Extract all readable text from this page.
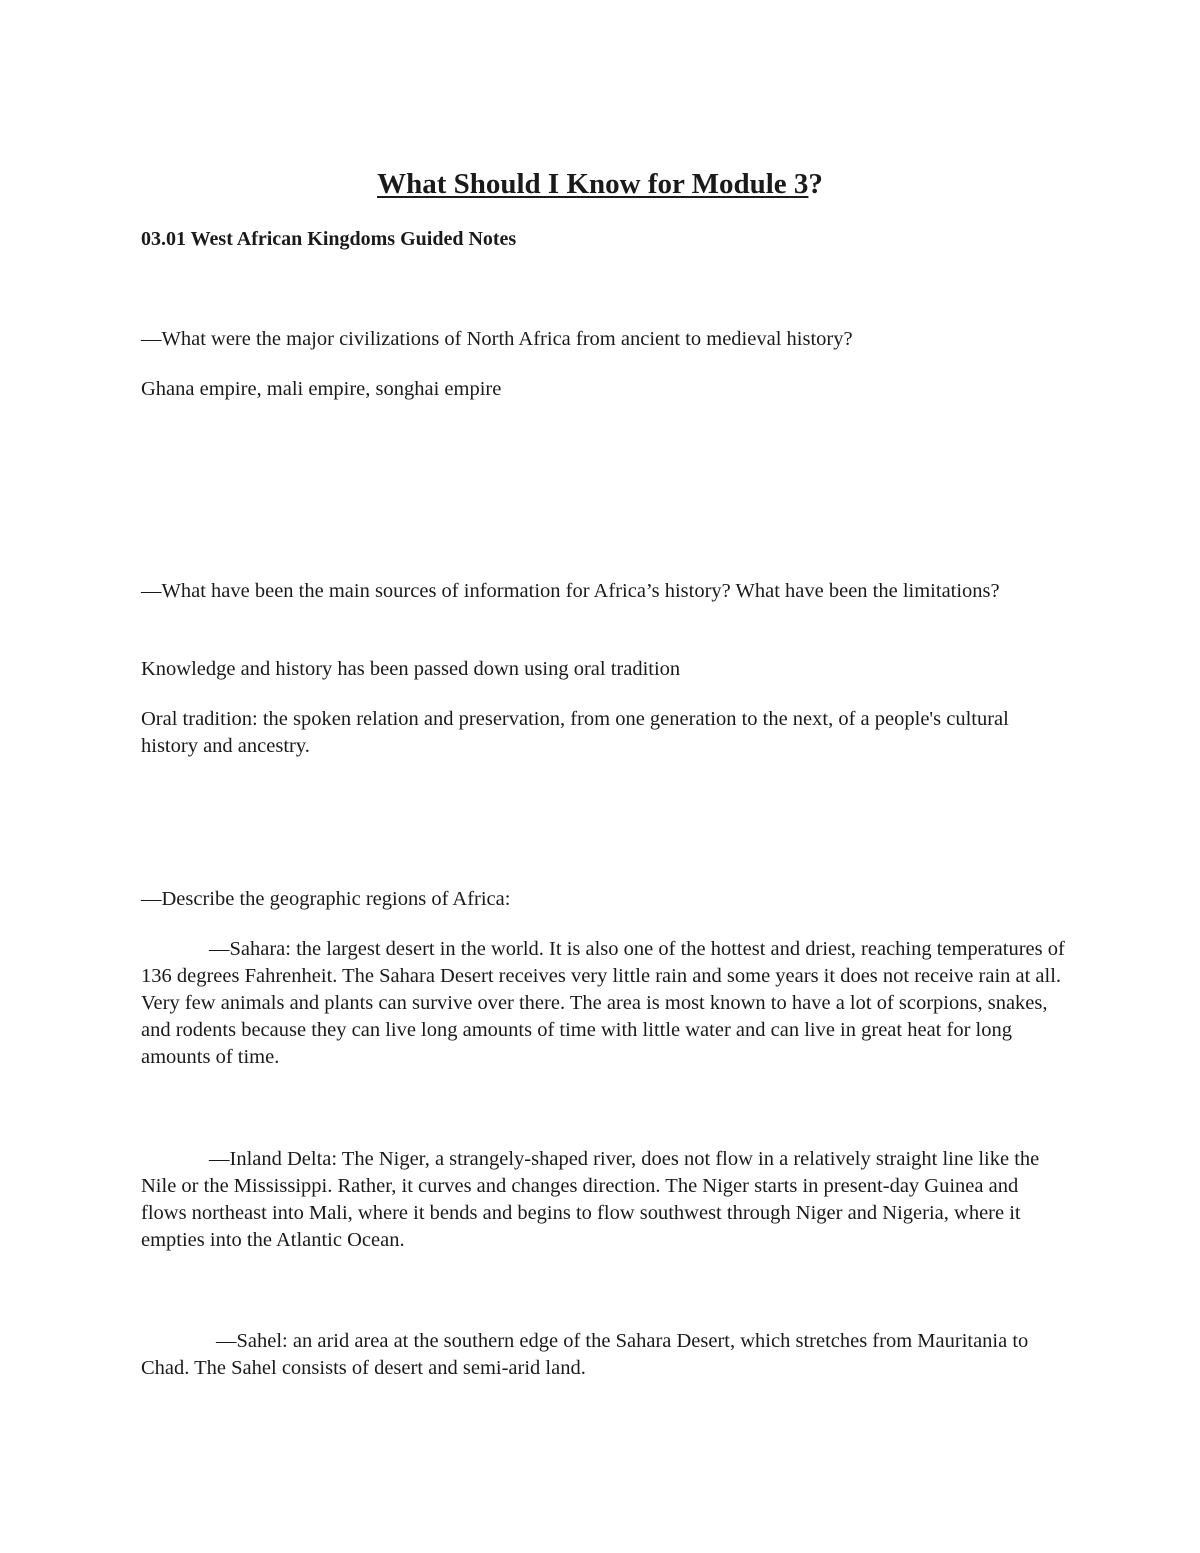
What Should I Know for Module 3?

03.01 West African Kingdoms Guided Notes

—What were the major civilizations of North Africa from ancient to medieval history?

Ghana empire, mali empire, songhai empire

—What have been the main sources of information for Africa’s history? What have been the limitations?

Knowledge and history has been passed down using oral tradition

Oral tradition: the spoken relation and preservation, from one generation to the next, of a people's cultural history and ancestry.

—Describe the geographic regions of Africa:

—Sahara: the largest desert in the world. It is also one of the hottest and driest, reaching temperatures of 136 degrees Fahrenheit. The Sahara Desert receives very little rain and some years it does not receive rain at all. Very few animals and plants can survive over there. The area is most known to have a lot of scorpions, snakes, and rodents because they can live long amounts of time with little water and can live in great heat for long amounts of time.

—Inland Delta: The Niger, a strangely-shaped river, does not flow in a relatively straight line like the Nile or the Mississippi. Rather, it curves and changes direction. The Niger starts in present-day Guinea and flows northeast into Mali, where it bends and begins to flow southwest through Niger and Nigeria, where it empties into the Atlantic Ocean.

—Sahel: an arid area at the southern edge of the Sahara Desert, which stretches from Mauritania to Chad. The Sahel consists of desert and semi-arid land.
